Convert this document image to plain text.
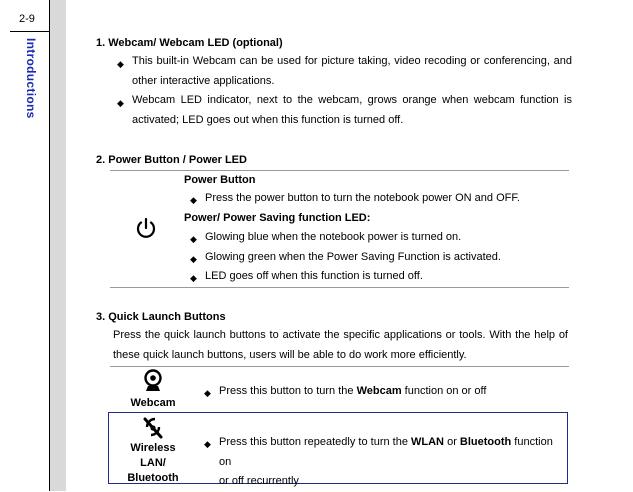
2-9
Introductions	1. Webcam/ Webcam LED (optional)
◆ This built-in Webcam can be used for picture taking, video recoding or conferencing, and
other interactive applications.
◆ Webcam LED indicator, next to the webcam, grows orange when webcam function is
activated; LED goes out when this function is turned off.
2. Power Button / Power LED
Power Button
◆ Press the power button to turn the notebook power ON and OFF.
Power/ Power Saving function LED:
◆ Glowing blue when the notebook power is turned on.
◆ Glowing green when the Power Saving Function is activated.
◆ LED goes off when this function is turned off.
3. Quick Launch Buttons
Press the quick launch buttons to activate the specific applications or tools. With the help of
these quick launch buttons, users will be able to do work more efficiently.
Webcam
◆ Press this button to turn the Webcam function on or off
Wireless
LAN/
Bluetooth
◆ Press this button repeatedly to turn the WLAN or Bluetooth function on
or off recurrently
